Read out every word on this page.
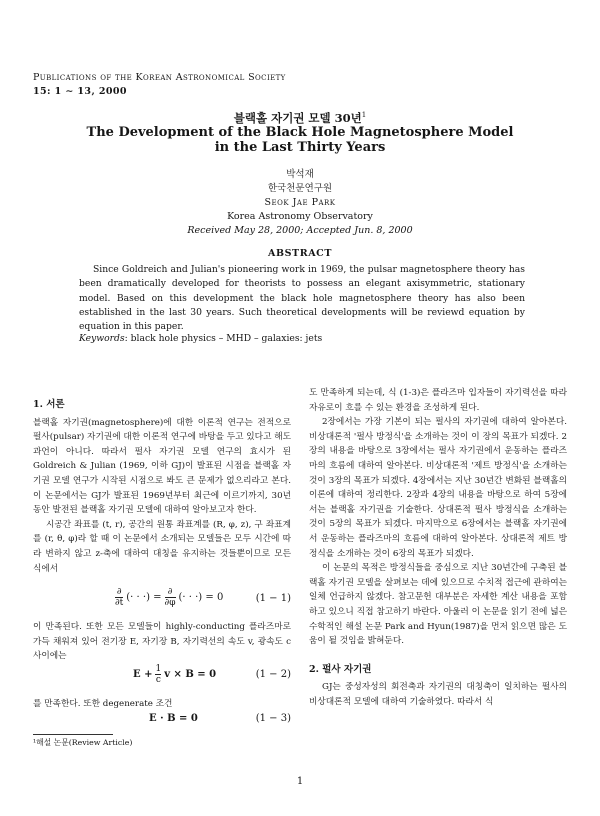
Publications of the Korean Astronomical Society
15: 1 ∼ 13, 2000
블랙홀 자기권 모델 30년$^1$
The Development of the Black Hole Magnetosphere Model
in the Last Thirty Years
박석재
한국천문연구원
Seok Jae Park
Korea Astronomy Observatory
Received May 28, 2000; Accepted Jun. 8, 2000
ABSTRACT
Since Goldreich and Julian's pioneering work in 1969, the pulsar magnetosphere theory has been dramatically developed for theorists to possess an elegant axisymmetric, stationary model. Based on this development the black hole magnetosphere theory has also been established in the last 30 years. Such theoretical developments will be reviewd equation by equation in this paper.
Keywords: black hole physics – MHD – galaxies: jets
1. 서론

블랙홀 자기권(magnetosphere)에 대한 이론적 연구는 전적으로 펄사(pulsar) 자기권에 대한 이론적 연구에 바탕을 두고 있다고 해도 과언이 아니다. 따라서 펄사 자기권 모델 연구의 효시가 된 Goldreich & Julian (1969, 이하 GJ)이 발표된 시점을 블랙홀 자기권 모델 연구가 시작된 시점으로 봐도 큰 문제가 없으리라고 본다. 이 논문에서는 GJ가 발표된 1969년부터 최근에 이르기까지, 30년 동안 발전된 블랙홀 자기권 모델에 대하여 알아보고자 한다.

시공간 좌표를 (t, r), 공간의 원통 좌표계를 (R, φ, z), 구 좌표계를 (r, θ, φ)라 할 때 이 논문에서 소개되는 모델들은 모두 시간에 따라 변하지 않고 z-축에 대하여 대칭을 유지하는 것들뿐이므로 모든 식에서

$\frac{\partial}{\partial t}$ (· · ·) = $\frac{\partial}{\partial\varphi}$ (· · ·) = 0	(1 − 1)

이 만족된다. 또한 모든 모델들이 highly-conducting 플라즈마로 가득 채워져 있어 전기장 E, 자기장 B, 자기력선의 속도 v, 광속도 c 사이에는

$E + \frac{1}{c}$ v × B = 0	(1 − 2)

를 만족한다. 또한 degenerate 조건

E · B = 0	(1 − 3)
¹해설 논문(Review Article)

도 만족하게 되는데, 식 (1-3)은 플라즈마 입자들이 자기력선을 따라 자유로이 흐를 수 있는 환경을 조성하게 된다.

2장에서는 가장 기본이 되는 펄사의 자기권에 대하여 알아본다. 비상대론적 '펄사 방정식'을 소개하는 것이 이 장의 목표가 되겠다. 2장의 내용을 바탕으로 3장에서는 펄사 자기권에서 운동하는 플라즈마의 흐름에 대하여 알아본다. 비상대론적 '제트 방정식'을 소개하는 것이 3장의 목표가 되겠다. 4장에서는 지난 30년간 변화된 블랙홀의 이론에 대하여 정리한다. 2장과 4장의 내용을 바탕으로 하여 5장에서는 블랙홀 자기권을 기술한다. 상대론적 펄사 방정식을 소개하는 것이 5장의 목표가 되겠다. 마지막으로 6장에서는 블랙홀 자기권에서 운동하는 플라즈마의 흐름에 대하여 알아본다. 상대론적 제트 방정식을 소개하는 것이 6장의 목표가 되겠다.

이 논문의 목적은 방정식들을 중심으로 지난 30년간에 구축된 블랙홀 자기권 모델을 살펴보는 데에 있으므로 수치적 접근에 관하여는 일체 언급하지 않겠다. 참고문헌 대부분은 자세한 계산 내용을 포함하고 있으니 직접 참고하기 바란다. 아울러 이 논문을 읽기 전에 넓은 수학적인 해설 논문 Park and Hyun(1987)을 먼저 읽으면 많은 도움이 될 것임을 밝혀둔다.

2. 펄사 자기권

GJ는 중성자성의 회전축과 자기권의 대칭축이 일치하는 펄사의 비상대론적 모델에 대하여 기술하였다. 따라서 식

1
